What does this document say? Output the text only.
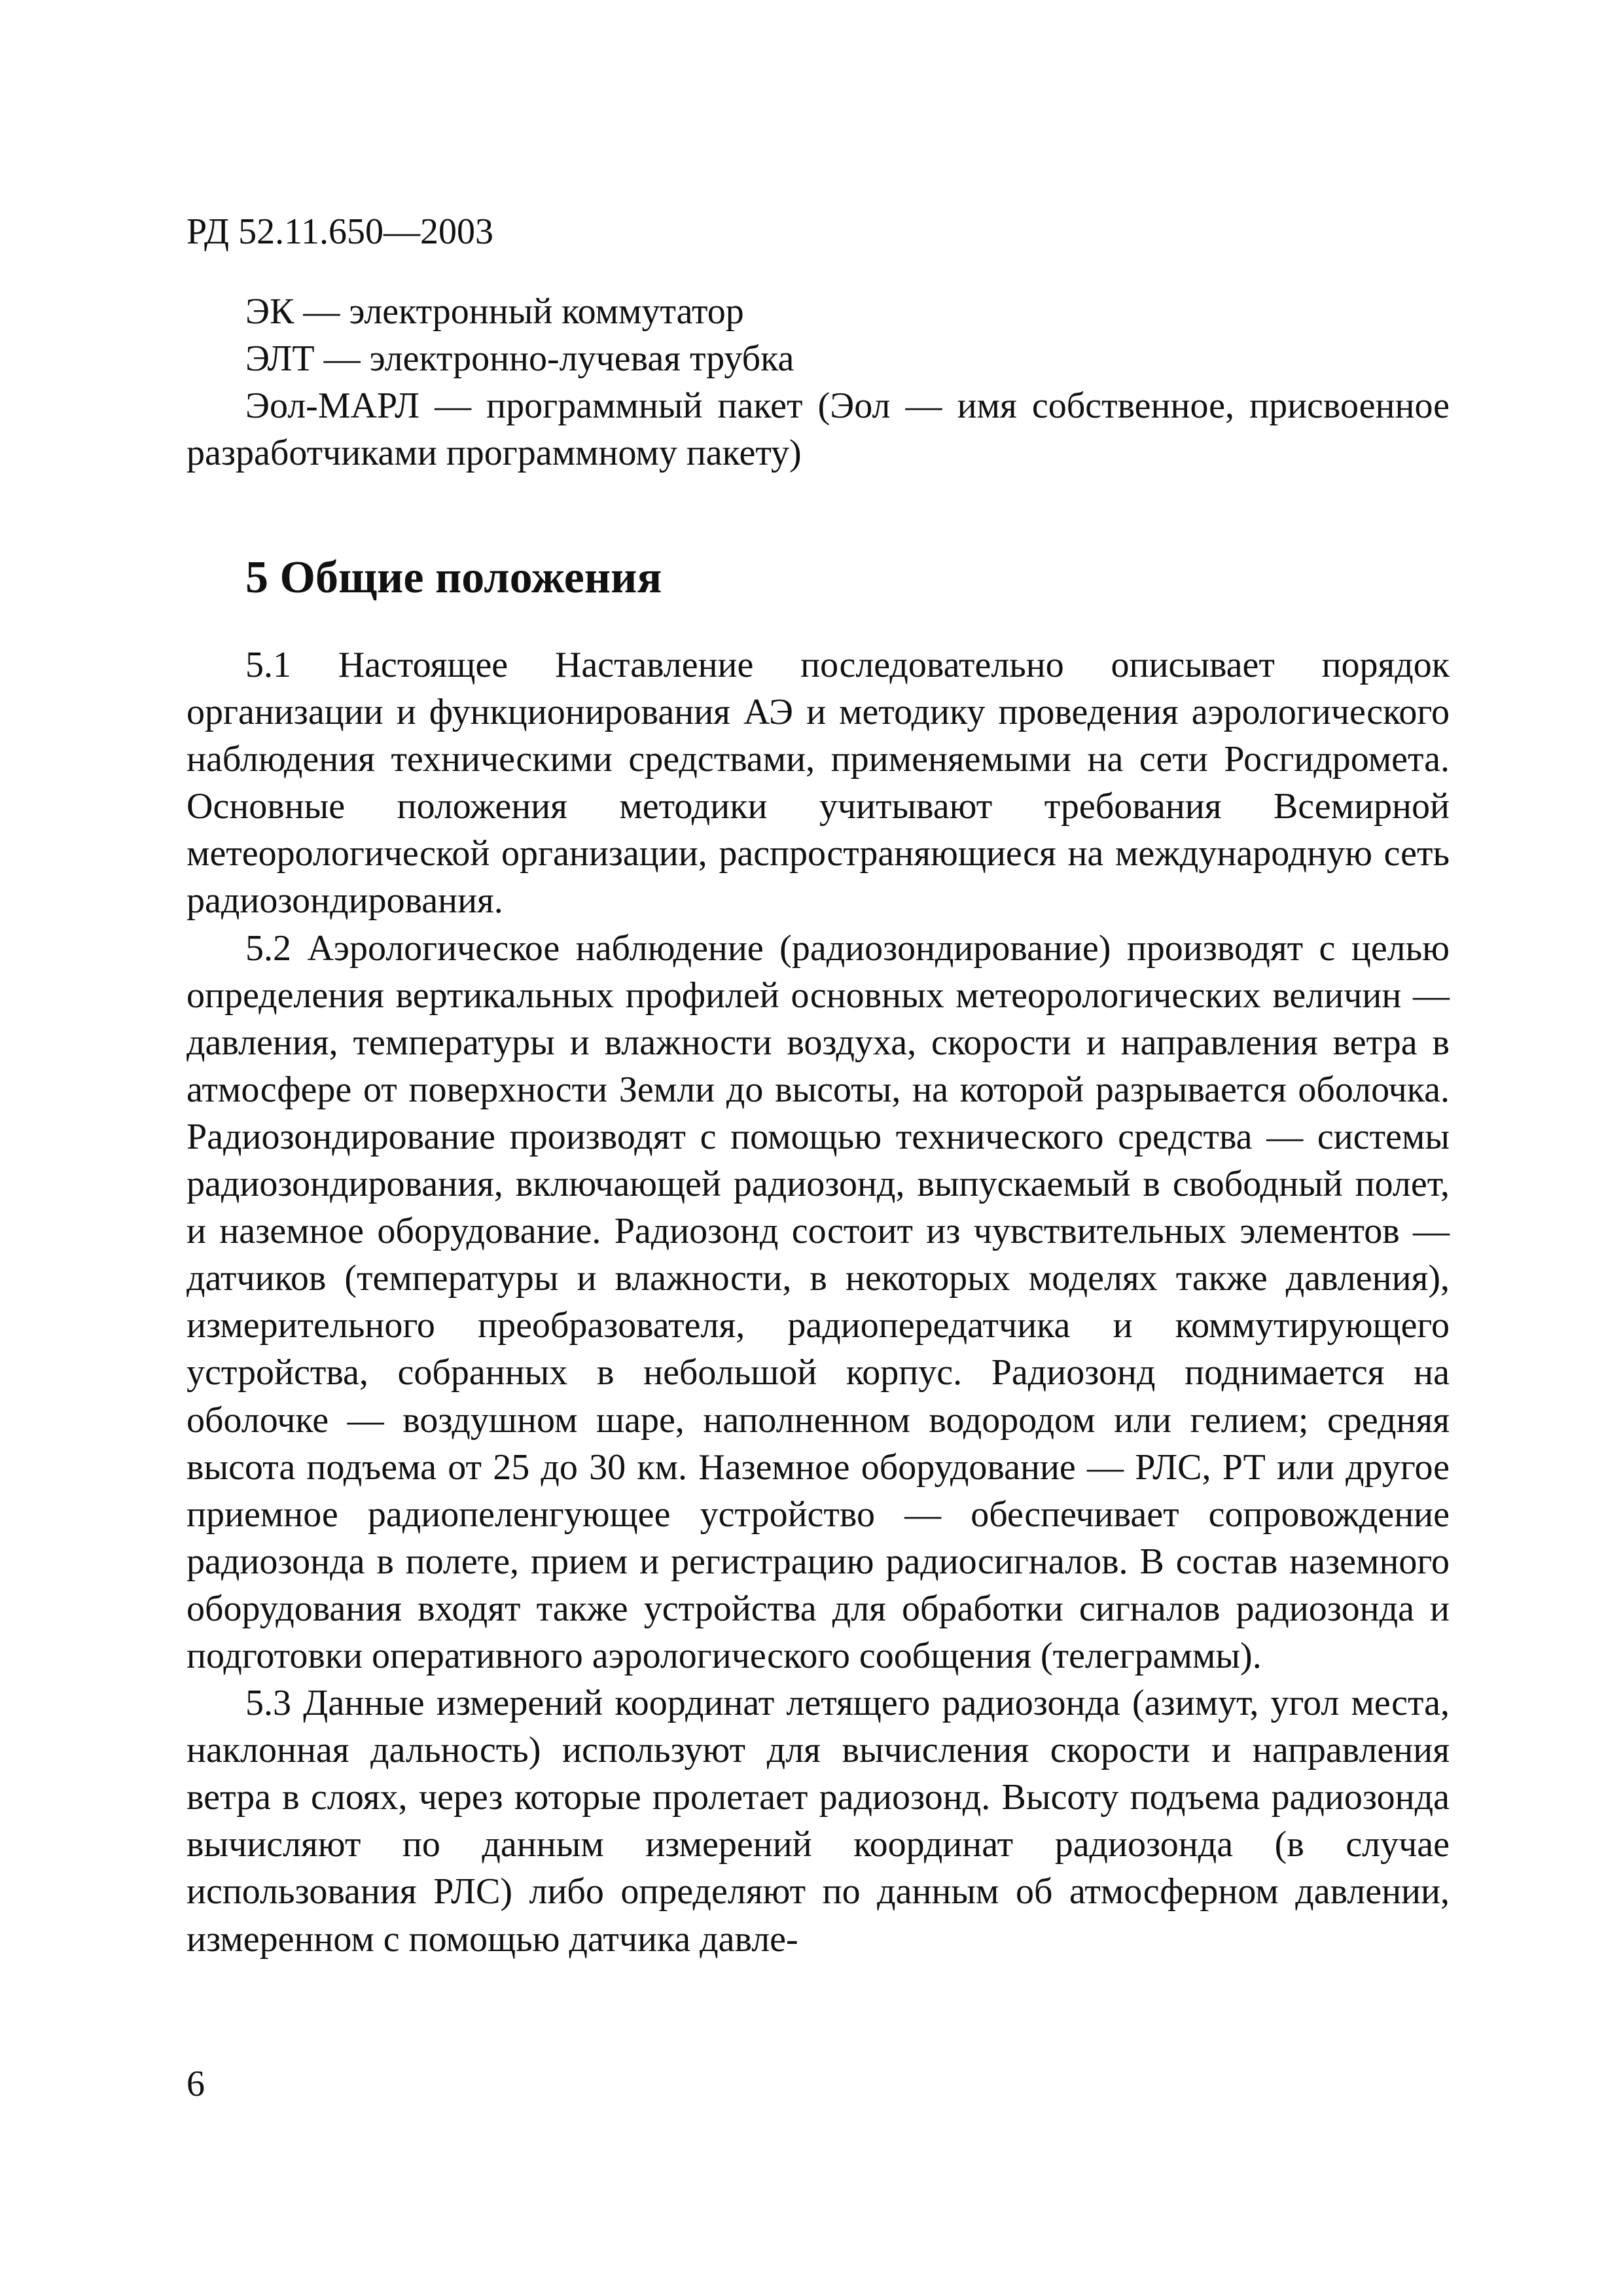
РД 52.11.650—2003

ЭК — электронный коммутатор

ЭЛТ — электронно-лучевая трубка

Эол-МАРЛ — программный пакет (Эол — имя собственное, присвоенное разработчиками программному пакету)

5 Общие положения

5.1 Настоящее Наставление последовательно описывает порядок организации и функционирования АЭ и методику проведения аэрологического наблюдения техническими средствами, применяемыми на сети Росгидромета. Основные положения методики учитывают требования Всемирной метеорологической организации, распространяющиеся на международную сеть радиозондирования.

5.2 Аэрологическое наблюдение (радиозондирование) производят с целью определения вертикальных профилей основных метеорологических величин — давления, температуры и влажности воздуха, скорости и направления ветра в атмосфере от поверхности Земли до высоты, на которой разрывается оболочка. Радиозондирование производят с помощью технического средства — системы радиозондирования, включающей радиозонд, выпускаемый в свободный полет, и наземное оборудование. Радиозонд состоит из чувствительных элементов — датчиков (температуры и влажности, в некоторых моделях также давления), измерительного преобразователя, радиопередатчика и коммутирующего устройства, собранных в небольшой корпус. Радиозонд поднимается на оболочке — воздушном шаре, наполненном водородом или гелием; средняя высота подъема от 25 до 30 км. Наземное оборудование — РЛС, РТ или другое приемное радиопеленгующее устройство — обеспечивает сопровождение радиозонда в полете, прием и регистрацию радиосигналов. В состав наземного оборудования входят также устройства для обработки сигналов радиозонда и подготовки оперативного аэрологического сообщения (телеграммы).

5.3 Данные измерений координат летящего радиозонда (азимут, угол места, наклонная дальность) используют для вычисления скорости и направления ветра в слоях, через которые пролетает радиозонд. Высоту подъема радиозонда вычисляют по данным измерений координат радиозонда (в случае использования РЛС) либо определяют по данным об атмосферном давлении, измеренном с помощью датчика давле-

6
